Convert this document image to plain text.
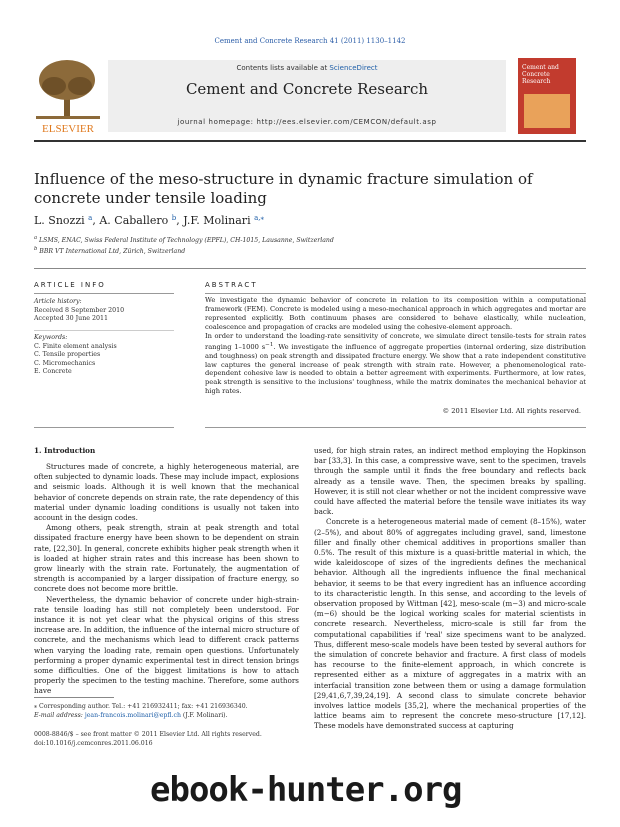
Cement and Concrete Research 41 (2011) 1130–1142
ELSEVIER
Contents lists available at ScienceDirect
Cement and Concrete Research
journal homepage: http://ees.elsevier.com/CEMCON/default.asp
Cement and Concrete Research
Influence of the meso-structure in dynamic fracture simulation of concrete under tensile loading
L. Snozzi $^a$, A. Caballero $^b$, J.F. Molinari $^{a,⁎}$
$^a$ LSMS, ENAC, Swiss Federal Institute of Technology (EPFL), CH-1015, Lausanne, Switzerland
$^b$ BBR VT International Ltd, Zürich, Switzerland
ARTICLE INFO	ABSTRACT
Article history:
Received 8 September 2010
Accepted 30 June 2011
Keywords:
C. Finite element analysis
C. Tensile properties
C. Micromechanics
E. Concrete
We investigate the dynamic behavior of concrete in relation to its composition within a computational framework (FEM). Concrete is modeled using a meso-mechanical approach in which aggregates and mortar are represented explicitly. Both continuum phases are considered to behave elastically, while nucleation, coalescence and propagation of cracks are modeled using the cohesive-element approach.
In order to understand the loading-rate sensitivity of concrete, we simulate direct tensile-tests for strain rates ranging 1–1000 $s^{-1}$. We investigate the influence of aggregate properties (internal ordering, size distribution and toughness) on peak strength and dissipated fracture energy. We show that a rate independent constitutive law captures the general increase of peak strength with strain rate. However, a phenomenological rate-dependent cohesive law is needed to obtain a better agreement with experiments. Furthermore, at low rates, peak strength is sensitive to the inclusions' toughness, while the matrix dominates the mechanical behavior at high rates.
© 2011 Elsevier Ltd. All rights reserved.
1. Introduction

Structures made of concrete, a highly heterogeneous material, are often subjected to dynamic loads. These may include impact, explosions and seismic loads. Although it is well known that the mechanical behavior of concrete depends on strain rate, the rate dependency of this material under dynamic loading conditions is usually not taken into account in the design codes.

Among others, peak strength, strain at peak strength and total dissipated fracture energy have been shown to be dependent on strain rate, [22,30]. In general, concrete exhibits higher peak strength when it is loaded at higher strain rates and this increase has been shown to grow linearly with the strain rate. Fortunately, the augmentation of strength is accompanied by a larger dissipation of fracture energy, so concrete does not become more brittle.

Nevertheless, the dynamic behavior of concrete under high-strain-rate tensile loading has still not completely been understood. For instance it is not yet clear what the physical origins of this stress increase are. In addition, the influence of the internal micro structure of concrete, and the mechanisms which lead to different crack patterns when varying the loading rate, remain open questions. Unfortunately performing a proper dynamic experimental test in direct tension brings some difficulties. One of the biggest limitations is how to attach properly the specimen to the testing machine. Therefore, some authors have

used, for high strain rates, an indirect method employing the Hopkinson bar [33,3]. In this case, a compressive wave, sent to the specimen, travels through the sample until it finds the free boundary and reflects back already as a tensile wave. Then, the specimen breaks by spalling. However, it is still not clear whether or not the incident compressive wave could have affected the material before the tensile wave initiates its way back.

Concrete is a heterogeneous material made of cement (8–15%), water (2–5%), and about 80% of aggregates including gravel, sand, limestone filler and finally other chemical additives in proportions smaller than 0.5%. The result of this mixture is a quasi-brittle material in which, the wide kaleidoscope of sizes of the ingredients defines the mechanical behavior. Although all the ingredients influence the final mechanical behavior, it seems to be that every ingredient has an influence according to its characteristic length. In this sense, and according to the levels of observation proposed by Wittman [42], meso-scale (m−3) and micro-scale (m−6) should be the logical working scales for material scientists in concrete research. Nevertheless, micro-scale is still far from the computational capabilities if 'real' size specimens want to be analyzed. Thus, different meso-scale models have been tested by several authors for the simulation of concrete behavior and fracture. A first class of models has recourse to the finite-element approach, in which concrete is represented either as a mixture of aggregates in a matrix with an interfacial transition zone between them or using a damage formulation [29,41,6,7,39,24,19]. A second class to simulate concrete behavior involves lattice models [35,2], where the mechanical properties of the lattice beams aim to represent the concrete meso-structure [17,12]. These models have demonstrated success at capturing

⁎ Corresponding author. Tel.: +41 216932411; fax: +41 216936340.
E-mail address: jean-francois.molinari@epfl.ch (J.F. Molinari).
0008-8846/$ – see front matter © 2011 Elsevier Ltd. All rights reserved.
doi:10.1016/j.cemconres.2011.06.016
ebook-hunter.org
